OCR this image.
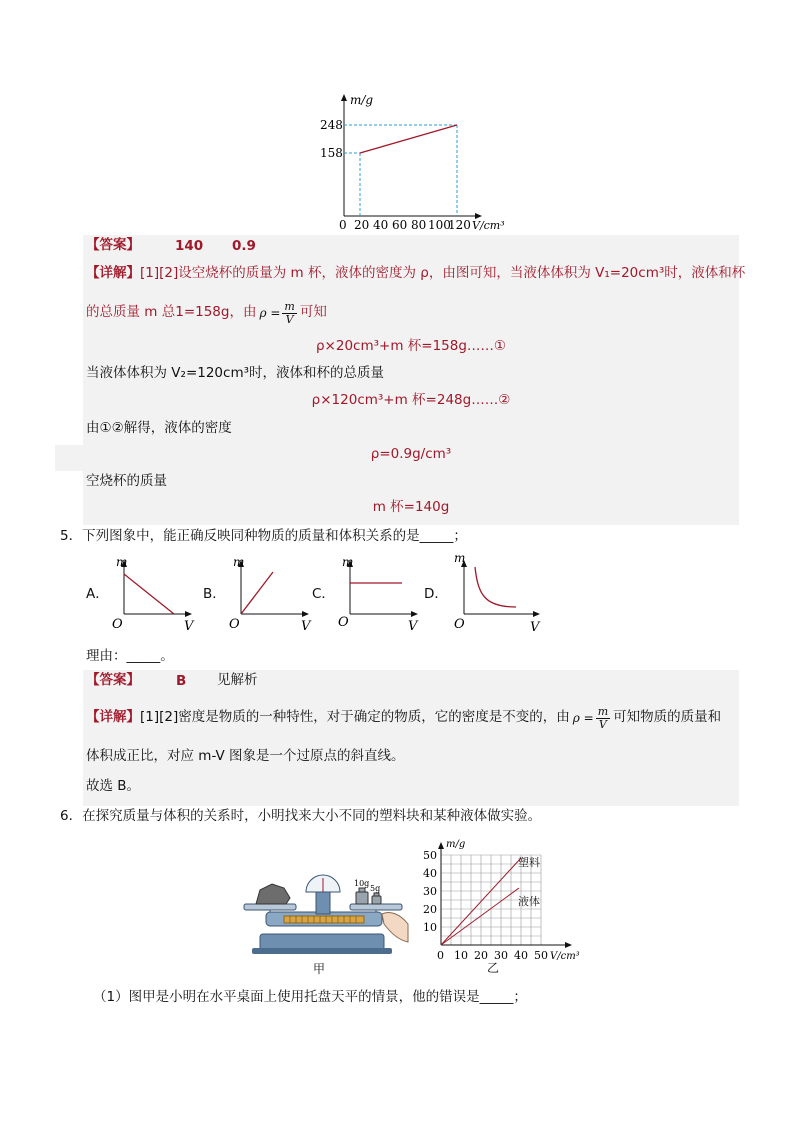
m/g
248
158
0 20 40 60 80 100
120 V/cm³
【答案】	140 0.9
【详解】[1][2]设空烧杯的质量为 m 杯，液体的密度为 ρ，由图可知，当液体体积为 V₁=20cm³时，液体和杯
的总质量 m 总1=158g，由 $\rho = \frac{m}{V}$ 可知
ρ×20cm³+m 杯=158g……①
当液体体积为 V₂=120cm³时，液体和杯的总质量
ρ×120cm³+m 杯=248g……②
由①②解得，液体的密度
ρ=0.9g/cm³
空烧杯的质量
m 杯=140g
5．下列图象中，能正确反映同种物质的质量和体积关系的是_____；
A．
m
O	V
B．
m
O	V
C．
m
O	V
D．
m
O	V
理由：_____。
【答案】	B 见解析
【详解】 [1][2]密度是物质的一种特性，对于确定的物质，它的密度是不变的，由 $\rho = \frac{m}{V}$ 可知物质的质量和
体积成正比，对应 m-V 图象是一个过原点的斜直线。
故选 B。
6．在探究质量与体积的关系时，小明找来大小不同的塑料块和某种液体做实验。
10g
5g
甲
m/g
50
40
30
20
10
0 10 20 30 40 50 V/cm³
塑料
液体
乙
（1）图甲是小明在水平桌面上使用托盘天平的情景，他的错误是_____；
